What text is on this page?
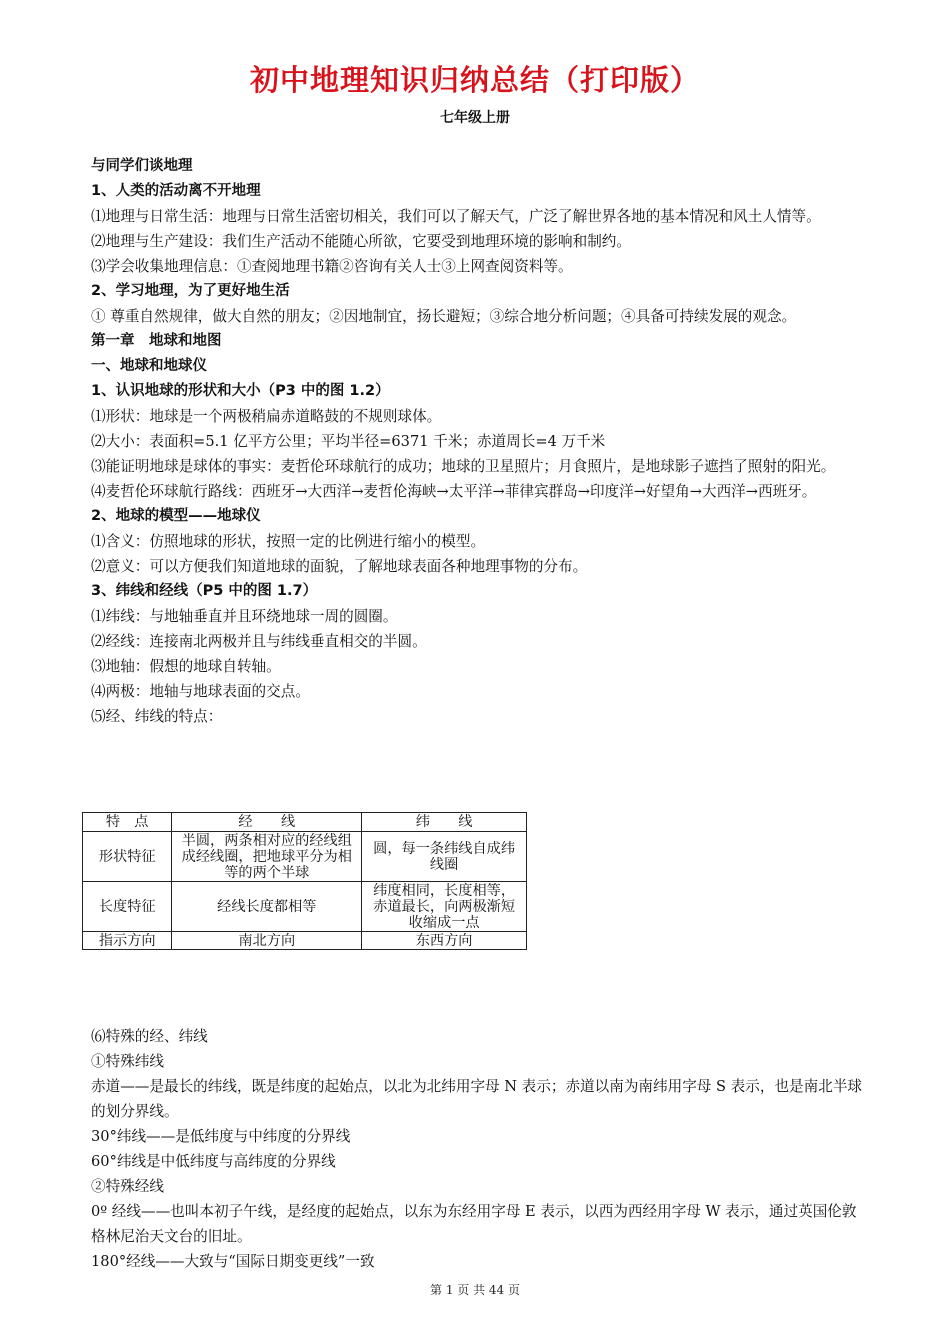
初中地理知识归纳总结（打印版）
七年级上册

与同学们谈地理

1、人类的活动离不开地理

⑴地理与日常生活：地理与日常生活密切相关，我们可以了解天气，广泛了解世界各地的基本情况和风土人情等。

⑵地理与生产建设：我们生产活动不能随心所欲，它要受到地理环境的影响和制约。

⑶学会收集地理信息：①查阅地理书籍②咨询有关人士③上网查阅资料等。

2、学习地理，为了更好地生活

① 尊重自然规律，做大自然的朋友；②因地制宜，扬长避短；③综合地分析问题；④具备可持续发展的观念。

第一章　地球和地图

一、地球和地球仪

1、认识地球的形状和大小（P3 中的图 1.2）

⑴形状：地球是一个两极稍扁赤道略鼓的不规则球体。

⑵大小：表面积=5.1 亿平方公里；平均半径=6371 千米；赤道周长=4 万千米

⑶能证明地球是球体的事实：麦哲伦环球航行的成功；地球的卫星照片；月食照片，是地球影子遮挡了照射的阳光。

⑷麦哲伦环球航行路线：西班牙→大西洋→麦哲伦海峡→太平洋→菲律宾群岛→印度洋→好望角→大西洋→西班牙。

2、地球的模型——地球仪

⑴含义：仿照地球的形状，按照一定的比例进行缩小的模型。

⑵意义：可以方便我们知道地球的面貌，了解地球表面各种地理事物的分布。

3、纬线和经线（P5 中的图 1.7）

⑴纬线：与地轴垂直并且环绕地球一周的圆圈。

⑵经线：连接南北两极并且与纬线垂直相交的半圆。

⑶地轴：假想的地球自转轴。

⑷两极：地轴与地球表面的交点。

⑸经、纬线的特点：

特　点	经　　线	纬　　线
形状特征	半圆，两条相对应的经线组成经线圈，把地球平分为相等的两个半球	圆，每一条纬线自成纬线圈
长度特征	经线长度都相等	纬度相同，长度相等，赤道最长，向两极渐短收缩成一点
指示方向	南北方向	东西方向

⑹特殊的经、纬线

①特殊纬线

赤道——是最长的纬线，既是纬度的起始点，以北为北纬用字母 N 表示；赤道以南为南纬用字母 S 表示，也是南北半球的划分界线。

30°纬线——是低纬度与中纬度的分界线

60°纬线是中低纬度与高纬度的分界线

②特殊经线

0º 经线——也叫本初子午线，是经度的起始点，以东为东经用字母 E 表示，以西为西经用字母 W 表示，通过英国伦敦格林尼治天文台的旧址。

180°经线——大致与“国际日期变更线”一致

第 1 页 共 44 页
